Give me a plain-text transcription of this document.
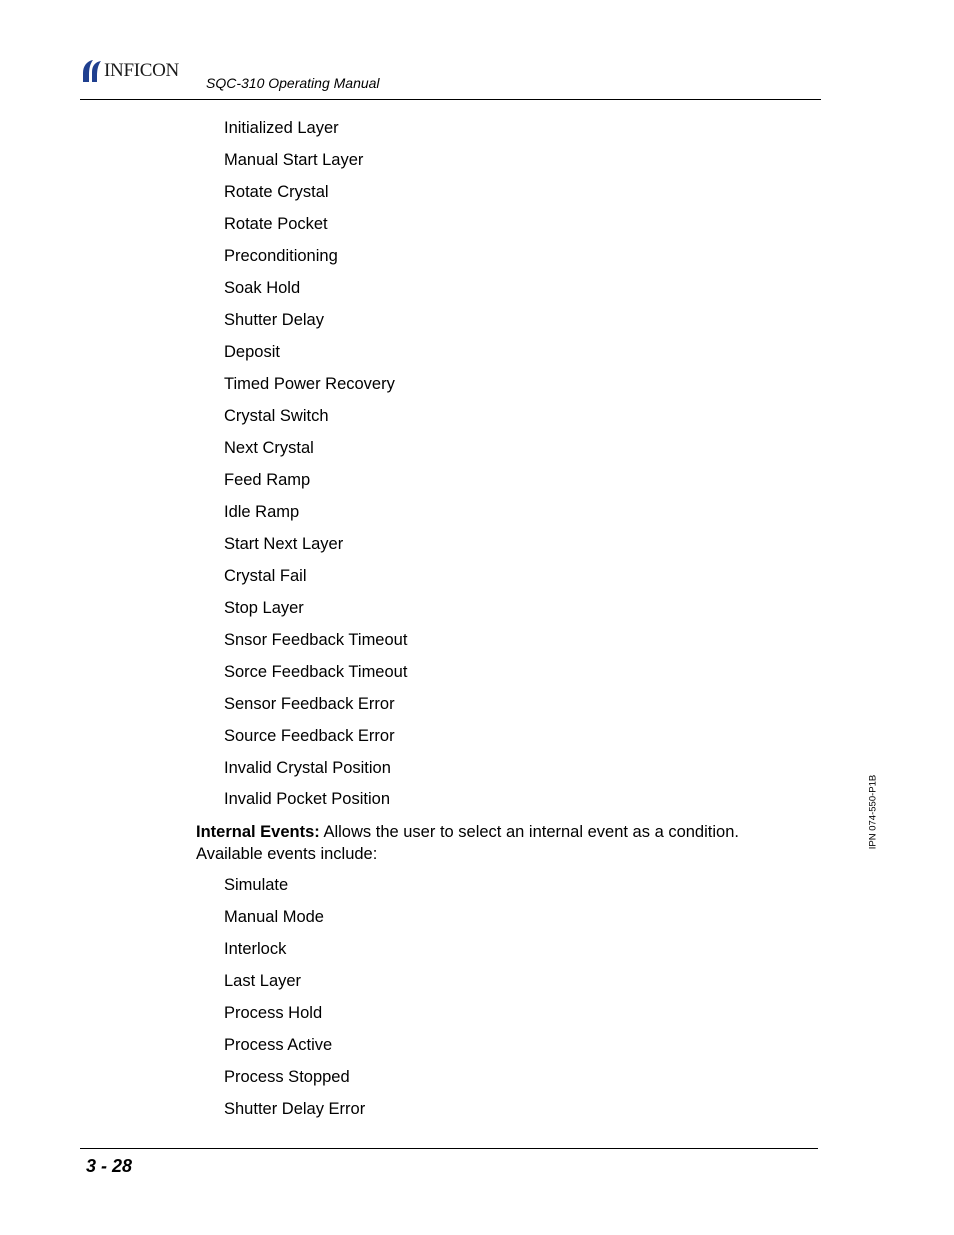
INFICON
SQC-310 Operating Manual
Initialized Layer
Manual Start Layer
Rotate Crystal
Rotate Pocket
Preconditioning
Soak Hold
Shutter Delay
Deposit
Timed Power Recovery
Crystal Switch
Next Crystal
Feed Ramp
Idle Ramp
Start Next Layer
Crystal Fail
Stop Layer
Snsor Feedback Timeout
Sorce Feedback Timeout
Sensor Feedback Error
Source Feedback Error
Invalid Crystal Position
Invalid Pocket Position
Internal Events: Allows the user to select an internal event as a condition. Available events include:
Simulate
Manual Mode
Interlock
Last Layer
Process Hold
Process Active
Process Stopped
Shutter Delay Error
IPN 074-550-P1B
3 - 28
